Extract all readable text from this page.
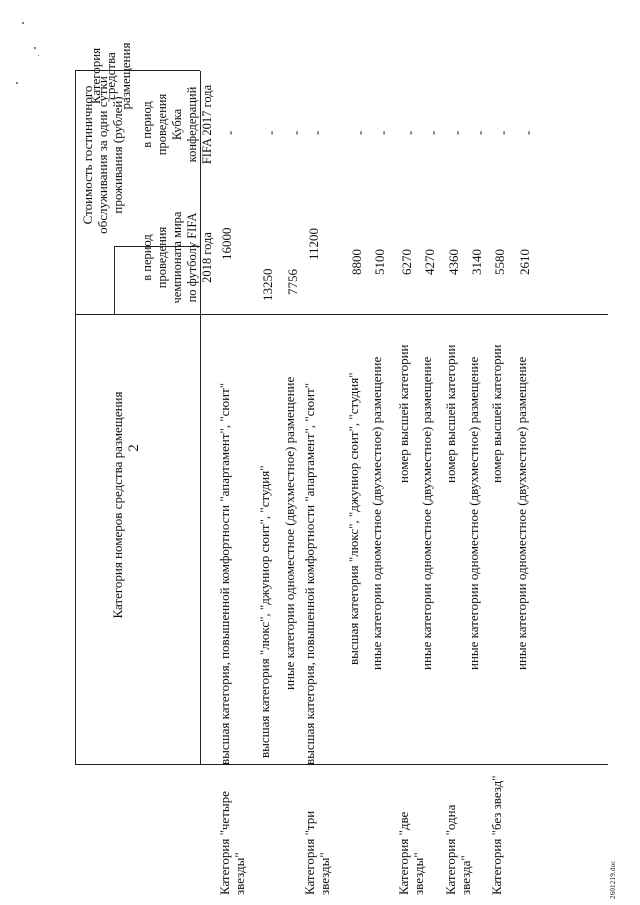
2
Категория средства размещения
Категория номеров средства размещения
Стоимость гостиничного обслуживания за одни сутки проживания (рублей)
в период проведения чемпионата мира по футболу FIFA 2018 года
в период проведения Кубка конфедераций FIFA 2017 года
Категория "четыре звезды"
высшая категория, повышенной комфортности "апартамент", "сюит"
16000
-
высшая категория "люкс", "джуниор сюит", "студия"
13250
-
иные категории одноместное (двухместное) размещение
7756
-
Категория "три звезды"
высшая категория, повышенной комфортности "апартамент", "сюит"
11200
-
высшая категория "люкс", "джуниор сюит", "студия"
8800
-
иные категории одноместное (двухместное) размещение
5100
-
Категория "две звезды"
номер высшей категории
6270
-
иные категории одноместное (двухместное) размещение
4270
-
Категория "одна звезда"
номер высшей категории
4360
-
иные категории одноместное (двухместное) размещение
3140
-
Категория "без звезд"
номер высшей категории
5580
-
иные категории одноместное (двухместное) размещение
2610
-
2601219.doc
